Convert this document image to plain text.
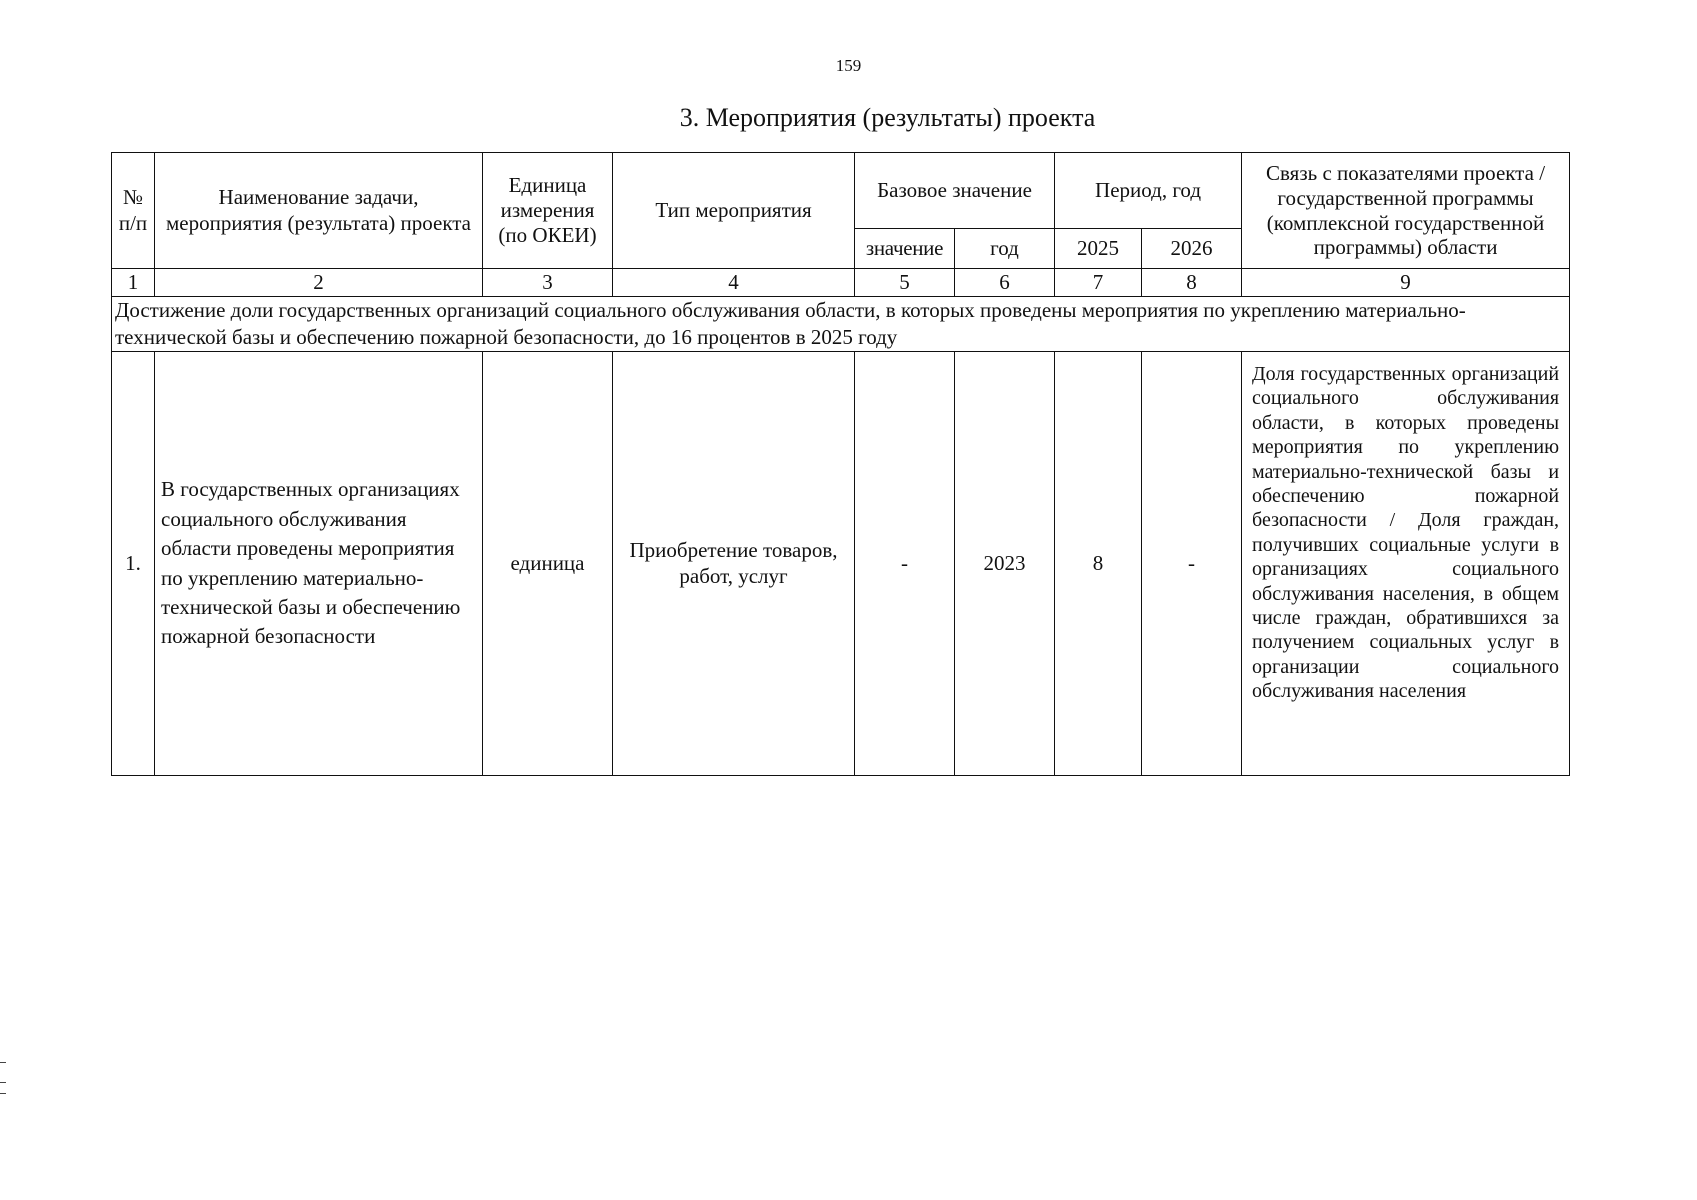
159
3. Мероприятия (результаты) проекта
№ п/п	Наименование задачи, мероприятия (результата) проекта	Единица измерения (по ОКЕИ)	Тип мероприятия	Базовое значение		Период, год		Связь с показателями проекта / государственной программы (комплексной государственной программы) области
				значение	год	2025	2026	
1	2	3	4	5	6	7	8	9
Достижение доли государственных организаций социального обслуживания области, в которых проведены мероприятия по укреплению материально-технической базы и обеспечению пожарной безопасности, до 16 процентов в 2025 году								
1.	В государственных организациях социального обслуживания области проведены мероприятия по укреплению материально-технической базы и обеспечению пожарной безопасности	единица	Приобретение товаров, работ, услуг	-	2023	8	-	Доля государственных организаций социального обслуживания области, в которых проведены мероприятия по укреплению материально-технической базы и обеспечению пожарной безопасности / Доля граждан, получивших социальные услуги в организациях социального обслуживания населения, в общем числе граждан, обратившихся за получением социальных услуг в организации социального обслуживания населения
